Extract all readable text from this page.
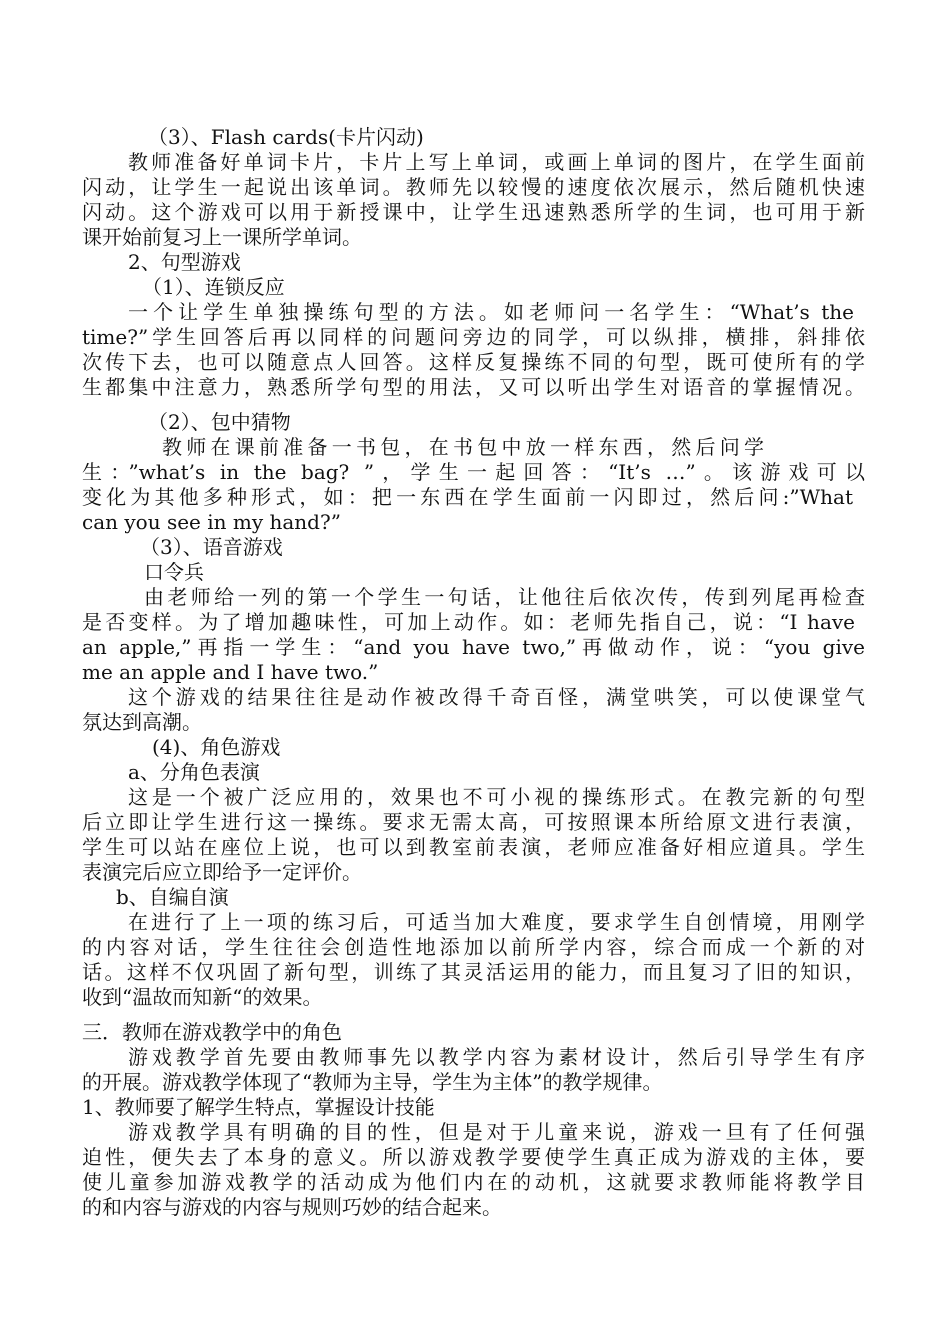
（3）、Flash cards(卡片闪动)
教师准备好单词卡片，卡片上写上单词，或画上单词的图片，在学生面前
闪动，让学生一起说出该单词。教师先以较慢的速度依次展示，然后随机快速
闪动。这个游戏可以用于新授课中，让学生迅速熟悉所学的生词，也可用于新
课开始前复习上一课所学单词。
2、句型游戏
（1）、连锁反应
一个让学生单独操练句型的方法。如老师问一名学生：“What’s the
time?”学生回答后再以同样的问题问旁边的同学，可以纵排，横排，斜排依
次传下去，也可以随意点人回答。这样反复操练不同的句型，既可使所有的学
生都集中注意力，熟悉所学句型的用法，又可以听出学生对语音的掌握情况。
（2）、包中猜物
教师在课前准备一书包，在书包中放一样东西，然后问学
生：”what’s in the bag? ”，学生一起回答：“It’s …”。该游戏可以
变化为其他多种形式，如：把一东西在学生面前一闪即过，然后问:”What
can you see in my hand?”
（3）、语音游戏
口令兵
由老师给一列的第一个学生一句话，让他往后依次传，传到列尾再检查
是否变样。为了增加趣味性，可加上动作。如：老师先指自己，说：“I have
an apple,”再指一学生：“and you have two,”再做动作，说：“you give
me an apple and I have two.”
这个游戏的结果往往是动作被改得千奇百怪，满堂哄笑，可以使课堂气
氛达到高潮。
(4)、角色游戏
a、分角色表演
这是一个被广泛应用的，效果也不可小视的操练形式。在教完新的句型
后立即让学生进行这一操练。要求无需太高，可按照课本所给原文进行表演，
学生可以站在座位上说，也可以到教室前表演，老师应准备好相应道具。学生
表演完后应立即给予一定评价。
b、自编自演
在进行了上一项的练习后，可适当加大难度，要求学生自创情境，用刚学
的内容对话，学生往往会创造性地添加以前所学内容，综合而成一个新的对
话。这样不仅巩固了新句型，训练了其灵活运用的能力，而且复习了旧的知识，
收到“温故而知新“的效果。
三．教师在游戏教学中的角色
游戏教学首先要由教师事先以教学内容为素材设计，然后引导学生有序
的开展。游戏教学体现了“教师为主导，学生为主体”的教学规律。
1、教师要了解学生特点，掌握设计技能
游戏教学具有明确的目的性，但是对于儿童来说，游戏一旦有了任何强
迫性，便失去了本身的意义。所以游戏教学要使学生真正成为游戏的主体，要
使儿童参加游戏教学的活动成为他们内在的动机，这就要求教师能将教学目
的和内容与游戏的内容与规则巧妙的结合起来。
